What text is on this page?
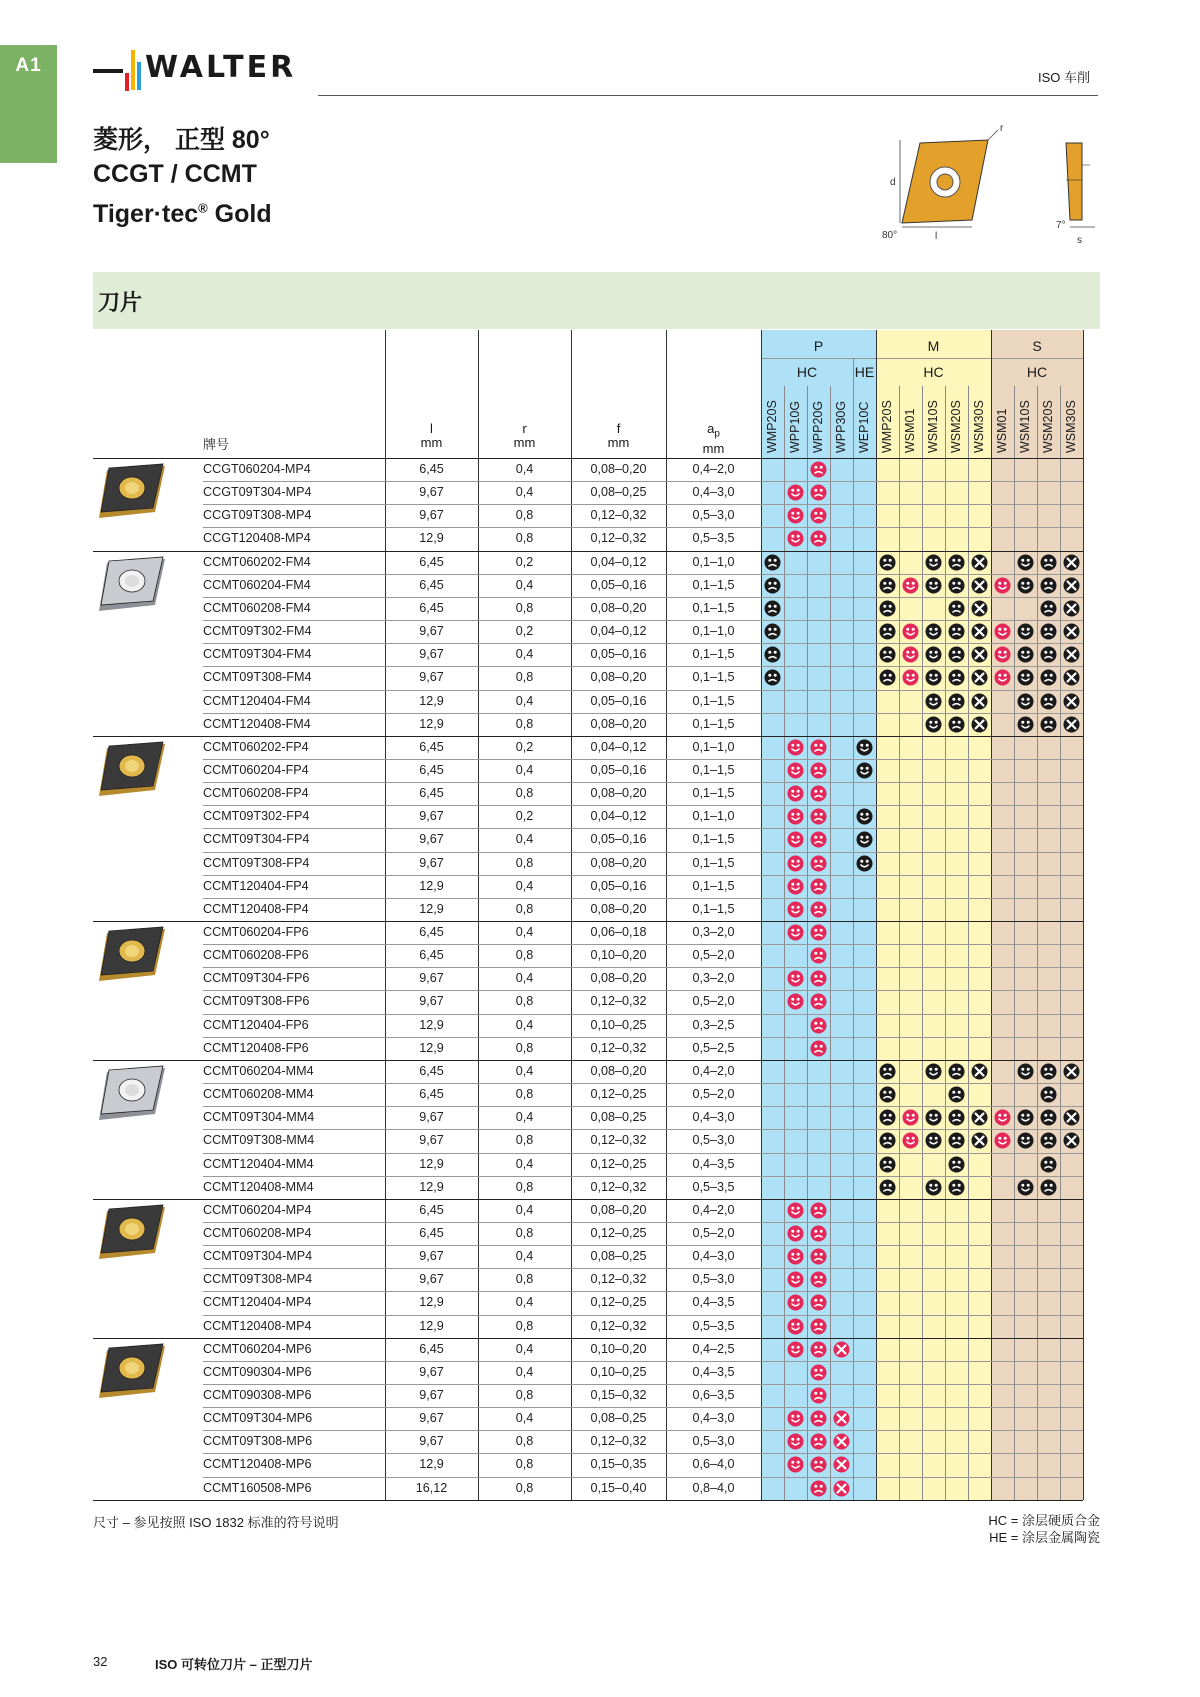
A1	WALTER	ISO 车削
菱形， 正型 80°
CCGT / CCMT
Tiger·tec® Gold
d
l
r
80°
7°
s
刀片
P	M	S
HC	HE	HC	HC
WMP20S WPP10G WPP20G WPP30G WEP10C WMP20S WSM01 WSM10S WSM20S WSM30S WSM01 WSM10S WSM20S WSM30S
牌号
l
mm
r
mm
f
mm
$a_p$
mm
CCGT060204-MP4	6,45	0,4	0,08–0,20	0,4–2,0
CCGT09T304-MP4	9,67	0,4	0,08–0,25	0,4–3,0
CCGT09T308-MP4	9,67	0,8	0,12–0,32	0,5–3,0
CCGT120408-MP4	12,9	0,8	0,12–0,32	0,5–3,5
CCMT060202-FM4	6,45	0,2	0,04–0,12	0,1–1,0
CCMT060204-FM4	6,45	0,4	0,05–0,16	0,1–1,5
CCMT060208-FM4	6,45	0,8	0,08–0,20	0,1–1,5
CCMT09T302-FM4	9,67	0,2	0,04–0,12	0,1–1,0
CCMT09T304-FM4	9,67	0,4	0,05–0,16	0,1–1,5
CCMT09T308-FM4	9,67	0,8	0,08–0,20	0,1–1,5
CCMT120404-FM4	12,9	0,4	0,05–0,16	0,1–1,5
CCMT120408-FM4	12,9	0,8	0,08–0,20	0,1–1,5
CCMT060202-FP4	6,45	0,2	0,04–0,12	0,1–1,0
CCMT060204-FP4	6,45	0,4	0,05–0,16	0,1–1,5
CCMT060208-FP4	6,45	0,8	0,08–0,20	0,1–1,5
CCMT09T302-FP4	9,67	0,2	0,04–0,12	0,1–1,0
CCMT09T304-FP4	9,67	0,4	0,05–0,16	0,1–1,5
CCMT09T308-FP4	9,67	0,8	0,08–0,20	0,1–1,5
CCMT120404-FP4	12,9	0,4	0,05–0,16	0,1–1,5
CCMT120408-FP4	12,9	0,8	0,08–0,20	0,1–1,5
CCMT060204-FP6	6,45	0,4	0,06–0,18	0,3–2,0
CCMT060208-FP6	6,45	0,8	0,10–0,20	0,5–2,0
CCMT09T304-FP6	9,67	0,4	0,08–0,20	0,3–2,0
CCMT09T308-FP6	9,67	0,8	0,12–0,32	0,5–2,0
CCMT120404-FP6	12,9	0,4	0,10–0,25	0,3–2,5
CCMT120408-FP6	12,9	0,8	0,12–0,32	0,5–2,5
CCMT060204-MM4	6,45	0,4	0,08–0,20	0,4–2,0
CCMT060208-MM4	6,45	0,8	0,12–0,25	0,5–2,0
CCMT09T304-MM4	9,67	0,4	0,08–0,25	0,4–3,0
CCMT09T308-MM4	9,67	0,8	0,12–0,32	0,5–3,0
CCMT120404-MM4	12,9	0,4	0,12–0,25	0,4–3,5
CCMT120408-MM4	12,9	0,8	0,12–0,32	0,5–3,5
CCMT060204-MP4	6,45	0,4	0,08–0,20	0,4–2,0
CCMT060208-MP4	6,45	0,8	0,12–0,25	0,5–2,0
CCMT09T304-MP4	9,67	0,4	0,08–0,25	0,4–3,0
CCMT09T308-MP4	9,67	0,8	0,12–0,32	0,5–3,0
CCMT120404-MP4	12,9	0,4	0,12–0,25	0,4–3,5
CCMT120408-MP4	12,9	0,8	0,12–0,32	0,5–3,5
CCMT060204-MP6	6,45	0,4	0,10–0,20	0,4–2,5
CCMT090304-MP6	9,67	0,4	0,10–0,25	0,4–3,5
CCMT090308-MP6	9,67	0,8	0,15–0,32	0,6–3,5
CCMT09T304-MP6	9,67	0,4	0,08–0,25	0,4–3,0
CCMT09T308-MP6	9,67	0,8	0,12–0,32	0,5–3,0
CCMT120408-MP6	12,9	0,8	0,15–0,35	0,6–4,0
CCMT160508-MP6	16,12	0,8	0,15–0,40	0,8–4,0
尺寸 – 参见按照 ISO 1832 标准的符号说明	HC = 涂层硬质合金
HE = 涂层金属陶瓷
32	ISO 可转位刀片 – 正型刀片
